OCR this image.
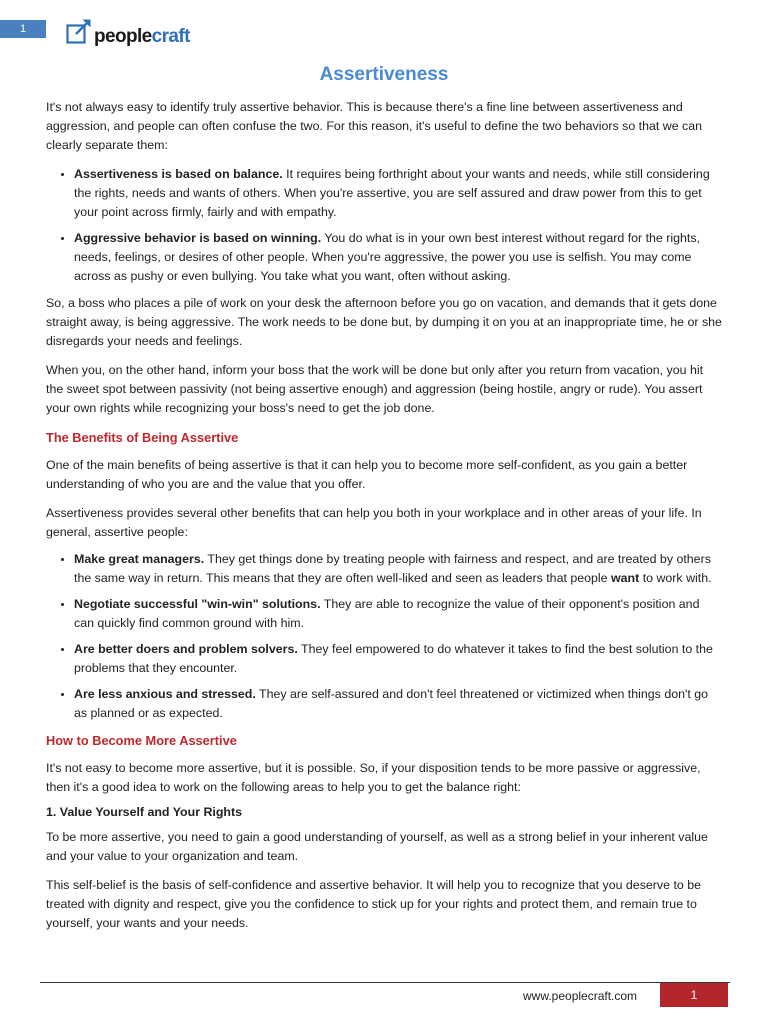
1	peoplecraft
Assertiveness

It's not always easy to identify truly assertive behavior. This is because there's a fine line between assertiveness and aggression, and people can often confuse the two. For this reason, it's useful to define the two behaviors so that we can clearly separate them:

• Assertiveness is based on balance. It requires being forthright about your wants and needs, while still considering the rights, needs and wants of others. When you're assertive, you are self assured and draw power from this to get your point across firmly, fairly and with empathy.
• Aggressive behavior is based on winning. You do what is in your own best interest without regard for the rights, needs, feelings, or desires of other people. When you're aggressive, the power you use is selfish. You may come across as pushy or even bullying. You take what you want, often without asking.

So, a boss who places a pile of work on your desk the afternoon before you go on vacation, and demands that it gets done straight away, is being aggressive. The work needs to be done but, by dumping it on you at an inappropriate time, he or she disregards your needs and feelings.

When you, on the other hand, inform your boss that the work will be done but only after you return from vacation, you hit the sweet spot between passivity (not being assertive enough) and aggression (being hostile, angry or rude). You assert your own rights while recognizing your boss's need to get the job done.

The Benefits of Being Assertive

One of the main benefits of being assertive is that it can help you to become more self-confident, as you gain a better understanding of who you are and the value that you offer.

Assertiveness provides several other benefits that can help you both in your workplace and in other areas of your life. In general, assertive people:

• Make great managers. They get things done by treating people with fairness and respect, and are treated by others the same way in return. This means that they are often well-liked and seen as leaders that people want to work with.
• Negotiate successful "win-win" solutions. They are able to recognize the value of their opponent's position and can quickly find common ground with him.
• Are better doers and problem solvers. They feel empowered to do whatever it takes to find the best solution to the problems that they encounter.
• Are less anxious and stressed. They are self-assured and don't feel threatened or victimized when things don't go as planned or as expected.
How to Become More Assertive

It's not easy to become more assertive, but it is possible. So, if your disposition tends to be more passive or aggressive, then it's a good idea to work on the following areas to help you to get the balance right:

1. Value Yourself and Your Rights

To be more assertive, you need to gain a good understanding of yourself, as well as a strong belief in your inherent value and your value to your organization and team.

This self-belief is the basis of self-confidence and assertive behavior. It will help you to recognize that you deserve to be treated with dignity and respect, give you the confidence to stick up for your rights and protect them, and remain true to yourself, your wants and your needs.

www.peoplecraft.com	1
